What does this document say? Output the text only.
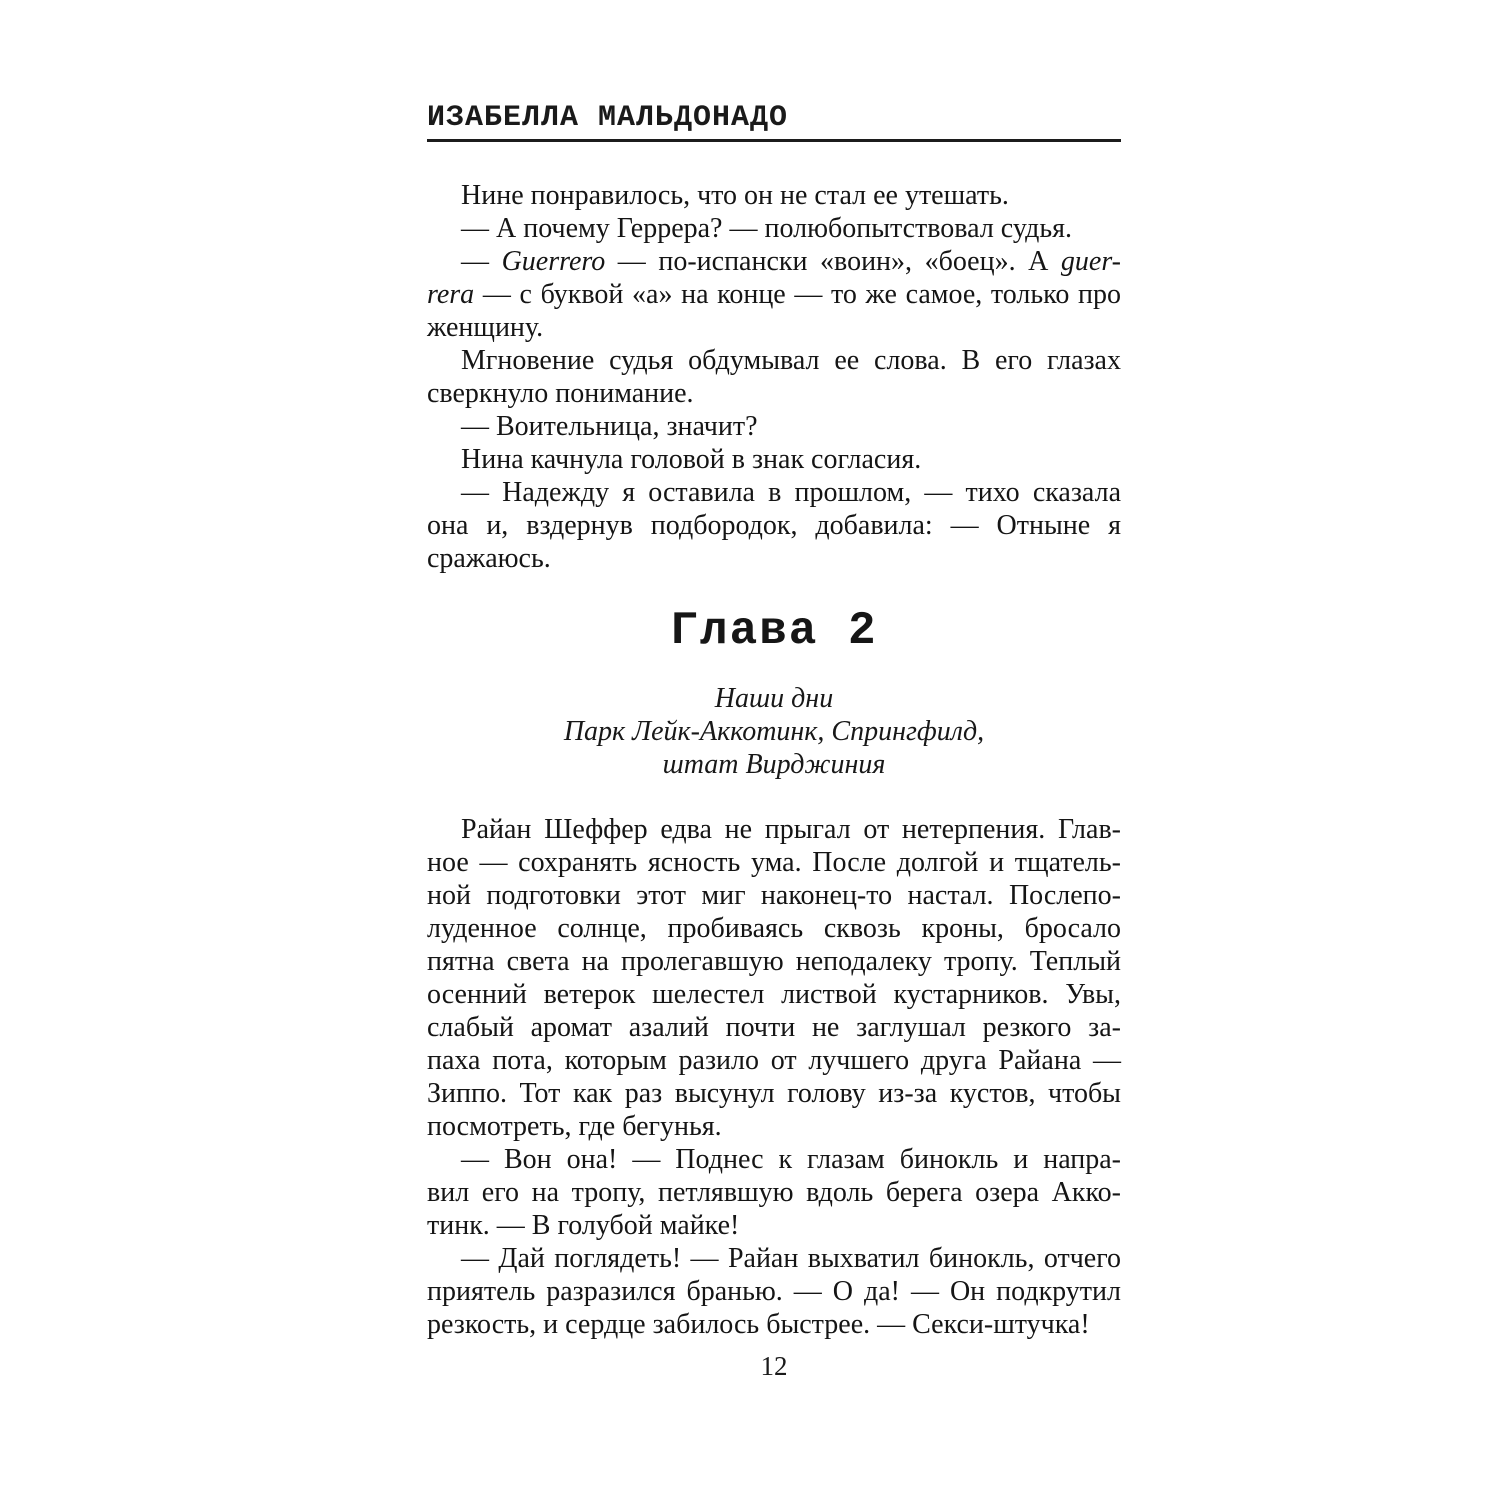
ИЗАБЕЛЛА МАЛЬДОНАДО
Нине понравилось, что он не стал ее утешать.
— А почему Геррера? — полюбопытствовал судья.
— Guerrero — по-испански «воин», «боец». А guer-
rera — с буквой «а» на конце — то же самое, только про
женщину.
Мгновение судья обдумывал ее слова. В его глазах
сверкнуло понимание.
— Воительница, значит?
Нина качнула головой в знак согласия.
— Надежду я оставила в прошлом, — тихо сказала
она и, вздернув подбородок, добавила: — Отныне я
сражаюсь.
Глава 2
Наши дни
Парк Лейк-Аккотинк, Спрингфилд,
штат Вирджиния
Райан Шеффер едва не прыгал от нетерпения. Глав-
ное — сохранять ясность ума. После долгой и тщатель-
ной подготовки этот миг наконец-то настал. Послепо-
луденное солнце, пробиваясь сквозь кроны, бросало
пятна света на пролегавшую неподалеку тропу. Теплый
осенний ветерок шелестел листвой кустарников. Увы,
слабый аромат азалий почти не заглушал резкого за-
паха пота, которым разило от лучшего друга Райана —
Зиппо. Тот как раз высунул голову из-за кустов, чтобы
посмотреть, где бегунья.
— Вон она! — Поднес к глазам бинокль и напра-
вил его на тропу, петлявшую вдоль берега озера Акко-
тинк. — В голубой майке!
— Дай поглядеть! — Райан выхватил бинокль, отчего
приятель разразился бранью. — О да! — Он подкрутил
резкость, и сердце забилось быстрее. — Секси-штучка!
12
